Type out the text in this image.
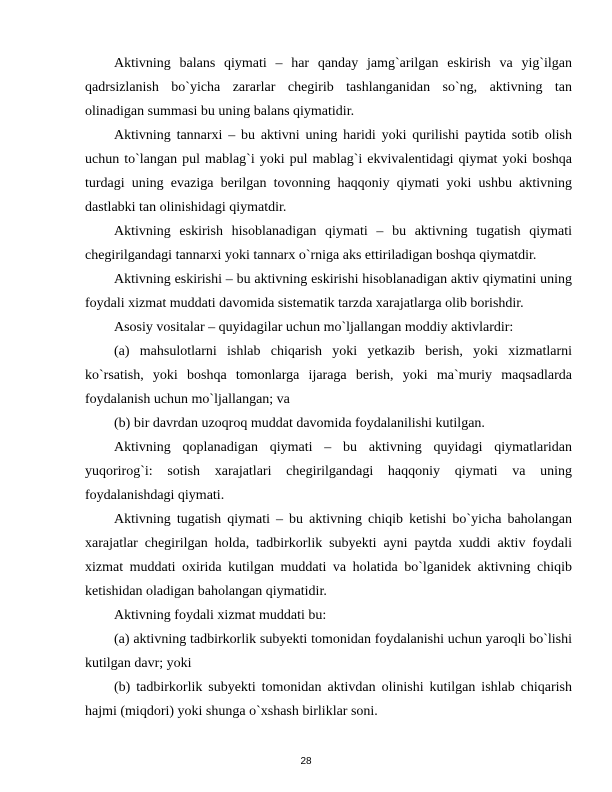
Aktivning balans qiymati – har qanday jamg`arilgan eskirish va yig`ilgan qadrsizlanish bo`yicha zararlar chegirib tashlanganidan so`ng, aktivning tan olinadigan summasi bu uning balans qiymatidir.

Aktivning tannarxi – bu aktivni uning haridi yoki qurilishi paytida sotib olish uchun to`langan pul mablag`i yoki pul mablag`i ekvivalentidagi qiymat yoki boshqa turdagi uning evaziga berilgan tovonning haqqoniy qiymati yoki ushbu aktivning dastlabki tan olinishidagi qiymatdir.

Aktivning eskirish hisoblanadigan qiymati – bu aktivning tugatish qiymati chegirilgandagi tannarxi yoki tannarx o`rniga aks ettiriladigan boshqa qiymatdir.

Aktivning eskirishi – bu aktivning eskirishi hisoblanadigan aktiv qiymatini uning foydali xizmat muddati davomida sistematik tarzda xarajatlarga olib borishdir.

Asosiy vositalar – quyidagilar uchun mo`ljallangan moddiy aktivlardir:

(a) mahsulotlarni ishlab chiqarish yoki yetkazib berish, yoki xizmatlarni ko`rsatish, yoki boshqa tomonlarga ijaraga berish, yoki ma`muriy maqsadlarda foydalanish uchun mo`ljallangan; va

(b) bir davrdan uzoqroq muddat davomida foydalanilishi kutilgan.

Aktivning qoplanadigan qiymati – bu aktivning quyidagi qiymatlaridan yuqorirog`i: sotish xarajatlari chegirilgandagi haqqoniy qiymati va uning foydalanishdagi qiymati.

Aktivning tugatish qiymati – bu aktivning chiqib ketishi bo`yicha baholangan xarajatlar chegirilgan holda, tadbirkorlik subyekti ayni paytda xuddi aktiv foydali xizmat muddati oxirida kutilgan muddati va holatida bo`lganidek aktivning chiqib ketishidan oladigan baholangan qiymatidir.

Aktivning foydali xizmat muddati bu:

(a) aktivning tadbirkorlik subyekti tomonidan foydalanishi uchun yaroqli bo`lishi kutilgan davr; yoki

(b) tadbirkorlik subyekti tomonidan aktivdan olinishi kutilgan ishlab chiqarish hajmi (miqdori) yoki shunga o`xshash birliklar soni.

28
